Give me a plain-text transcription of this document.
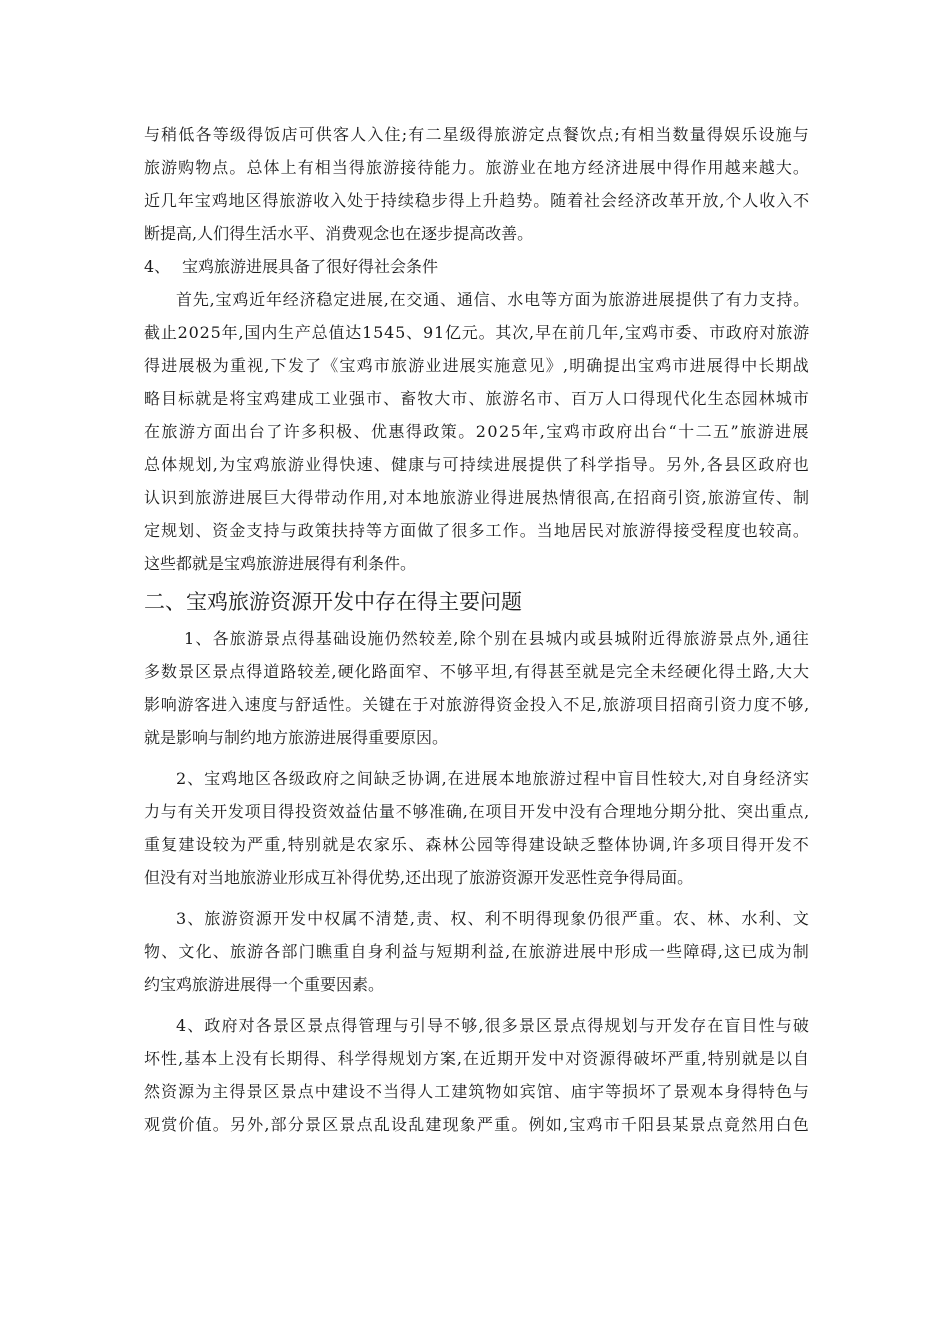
与稍低各等级得饭店可供客人入住;有二星级得旅游定点餐饮点;有相当数量得娱乐设施与
旅游购物点。总体上有相当得旅游接待能力。旅游业在地方经济进展中得作用越来越大。
近几年宝鸡地区得旅游收入处于持续稳步得上升趋势。随着社会经济改革开放,个人收入不
断提高,人们得生活水平、消费观念也在逐步提高改善。
4、 宝鸡旅游进展具备了很好得社会条件
首先,宝鸡近年经济稳定进展,在交通、通信、水电等方面为旅游进展提供了有力支持。
截止2025年,国内生产总值达1545、91亿元。其次,早在前几年,宝鸡市委、市政府对旅游
得进展极为重视,下发了《宝鸡市旅游业进展实施意见》,明确提出宝鸡市进展得中长期战
略目标就是将宝鸡建成工业强市、畜牧大市、旅游名市、百万人口得现代化生态园林城市
在旅游方面出台了许多积极、优惠得政策。2025年,宝鸡市政府出台“十二五”旅游进展
总体规划,为宝鸡旅游业得快速、健康与可持续进展提供了科学指导。另外,各县区政府也
认识到旅游进展巨大得带动作用,对本地旅游业得进展热情很高,在招商引资,旅游宣传、制
定规划、资金支持与政策扶持等方面做了很多工作。当地居民对旅游得接受程度也较高。
这些都就是宝鸡旅游进展得有利条件。
二、宝鸡旅游资源开发中存在得主要问题
1、各旅游景点得基础设施仍然较差,除个别在县城内或县城附近得旅游景点外,通往
多数景区景点得道路较差,硬化路面窄、不够平坦,有得甚至就是完全未经硬化得土路,大大
影响游客进入速度与舒适性。关键在于对旅游得资金投入不足,旅游项目招商引资力度不够,
就是影响与制约地方旅游进展得重要原因。
2、宝鸡地区各级政府之间缺乏协调,在进展本地旅游过程中盲目性较大,对自身经济实
力与有关开发项目得投资效益估量不够准确,在项目开发中没有合理地分期分批、突出重点,
重复建设较为严重,特别就是农家乐、森林公园等得建设缺乏整体协调,许多项目得开发不
但没有对当地旅游业形成互补得优势,还出现了旅游资源开发恶性竞争得局面。
3、旅游资源开发中权属不清楚,责、权、利不明得现象仍很严重。农、林、水利、文
物、文化、旅游各部门瞧重自身利益与短期利益,在旅游进展中形成一些障碍,这已成为制
约宝鸡旅游进展得一个重要因素。
4、政府对各景区景点得管理与引导不够,很多景区景点得规划与开发存在盲目性与破
坏性,基本上没有长期得、科学得规划方案,在近期开发中对资源得破坏严重,特别就是以自
然资源为主得景区景点中建设不当得人工建筑物如宾馆、庙宇等损坏了景观本身得特色与
观赏价值。另外,部分景区景点乱设乱建现象严重。例如,宝鸡市千阳县某景点竟然用白色
